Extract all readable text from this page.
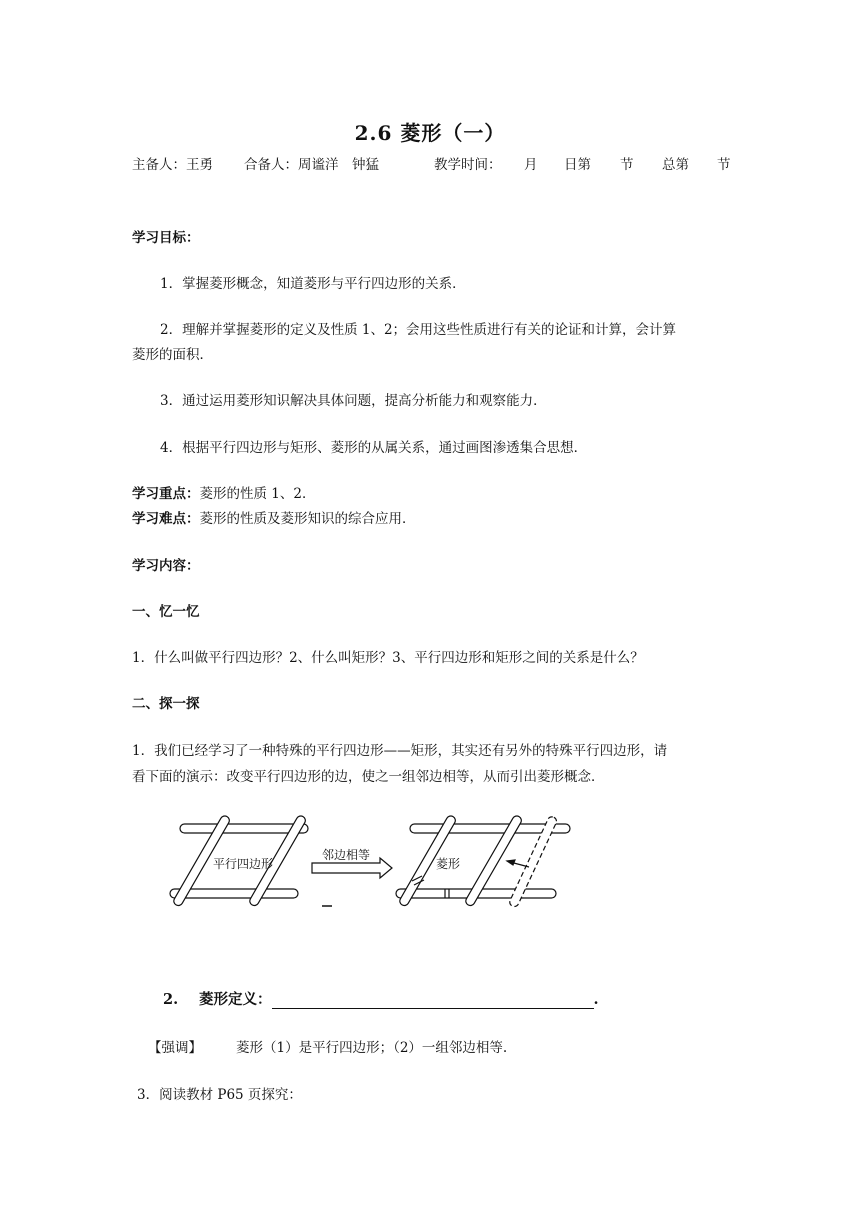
2.6 菱形（一）
主备人：王勇 合备人：周谧洋　钟猛	教学时间： 月 日第 节 总第 节
学习目标：
1．掌握菱形概念，知道菱形与平行四边形的关系．
2．理解并掌握菱形的定义及性质 1、2；会用这些性质进行有关的论证和计算，会计算
菱形的面积．
3．通过运用菱形知识解决具体问题，提高分析能力和观察能力．
4．根据平行四边形与矩形、菱形的从属关系，通过画图渗透集合思想．
学习重点：菱形的性质 1、2．
学习难点：菱形的性质及菱形知识的综合应用．
学习内容：
一、忆一忆
1．什么叫做平行四边形？2、什么叫矩形？3、平行四边形和矩形之间的关系是什么？
二、探一探
1．我们已经学习了一种特殊的平行四边形——矩形，其实还有另外的特殊平行四边形，请
看下面的演示：改变平行四边形的边，使之一组邻边相等，从而引出菱形概念．
平行四边形
邻边相等
菱形
2. 菱形定义：	.
【强调】	菱形（1）是平行四边形；（2）一组邻边相等.
3．阅读教材 P65 页探究：
